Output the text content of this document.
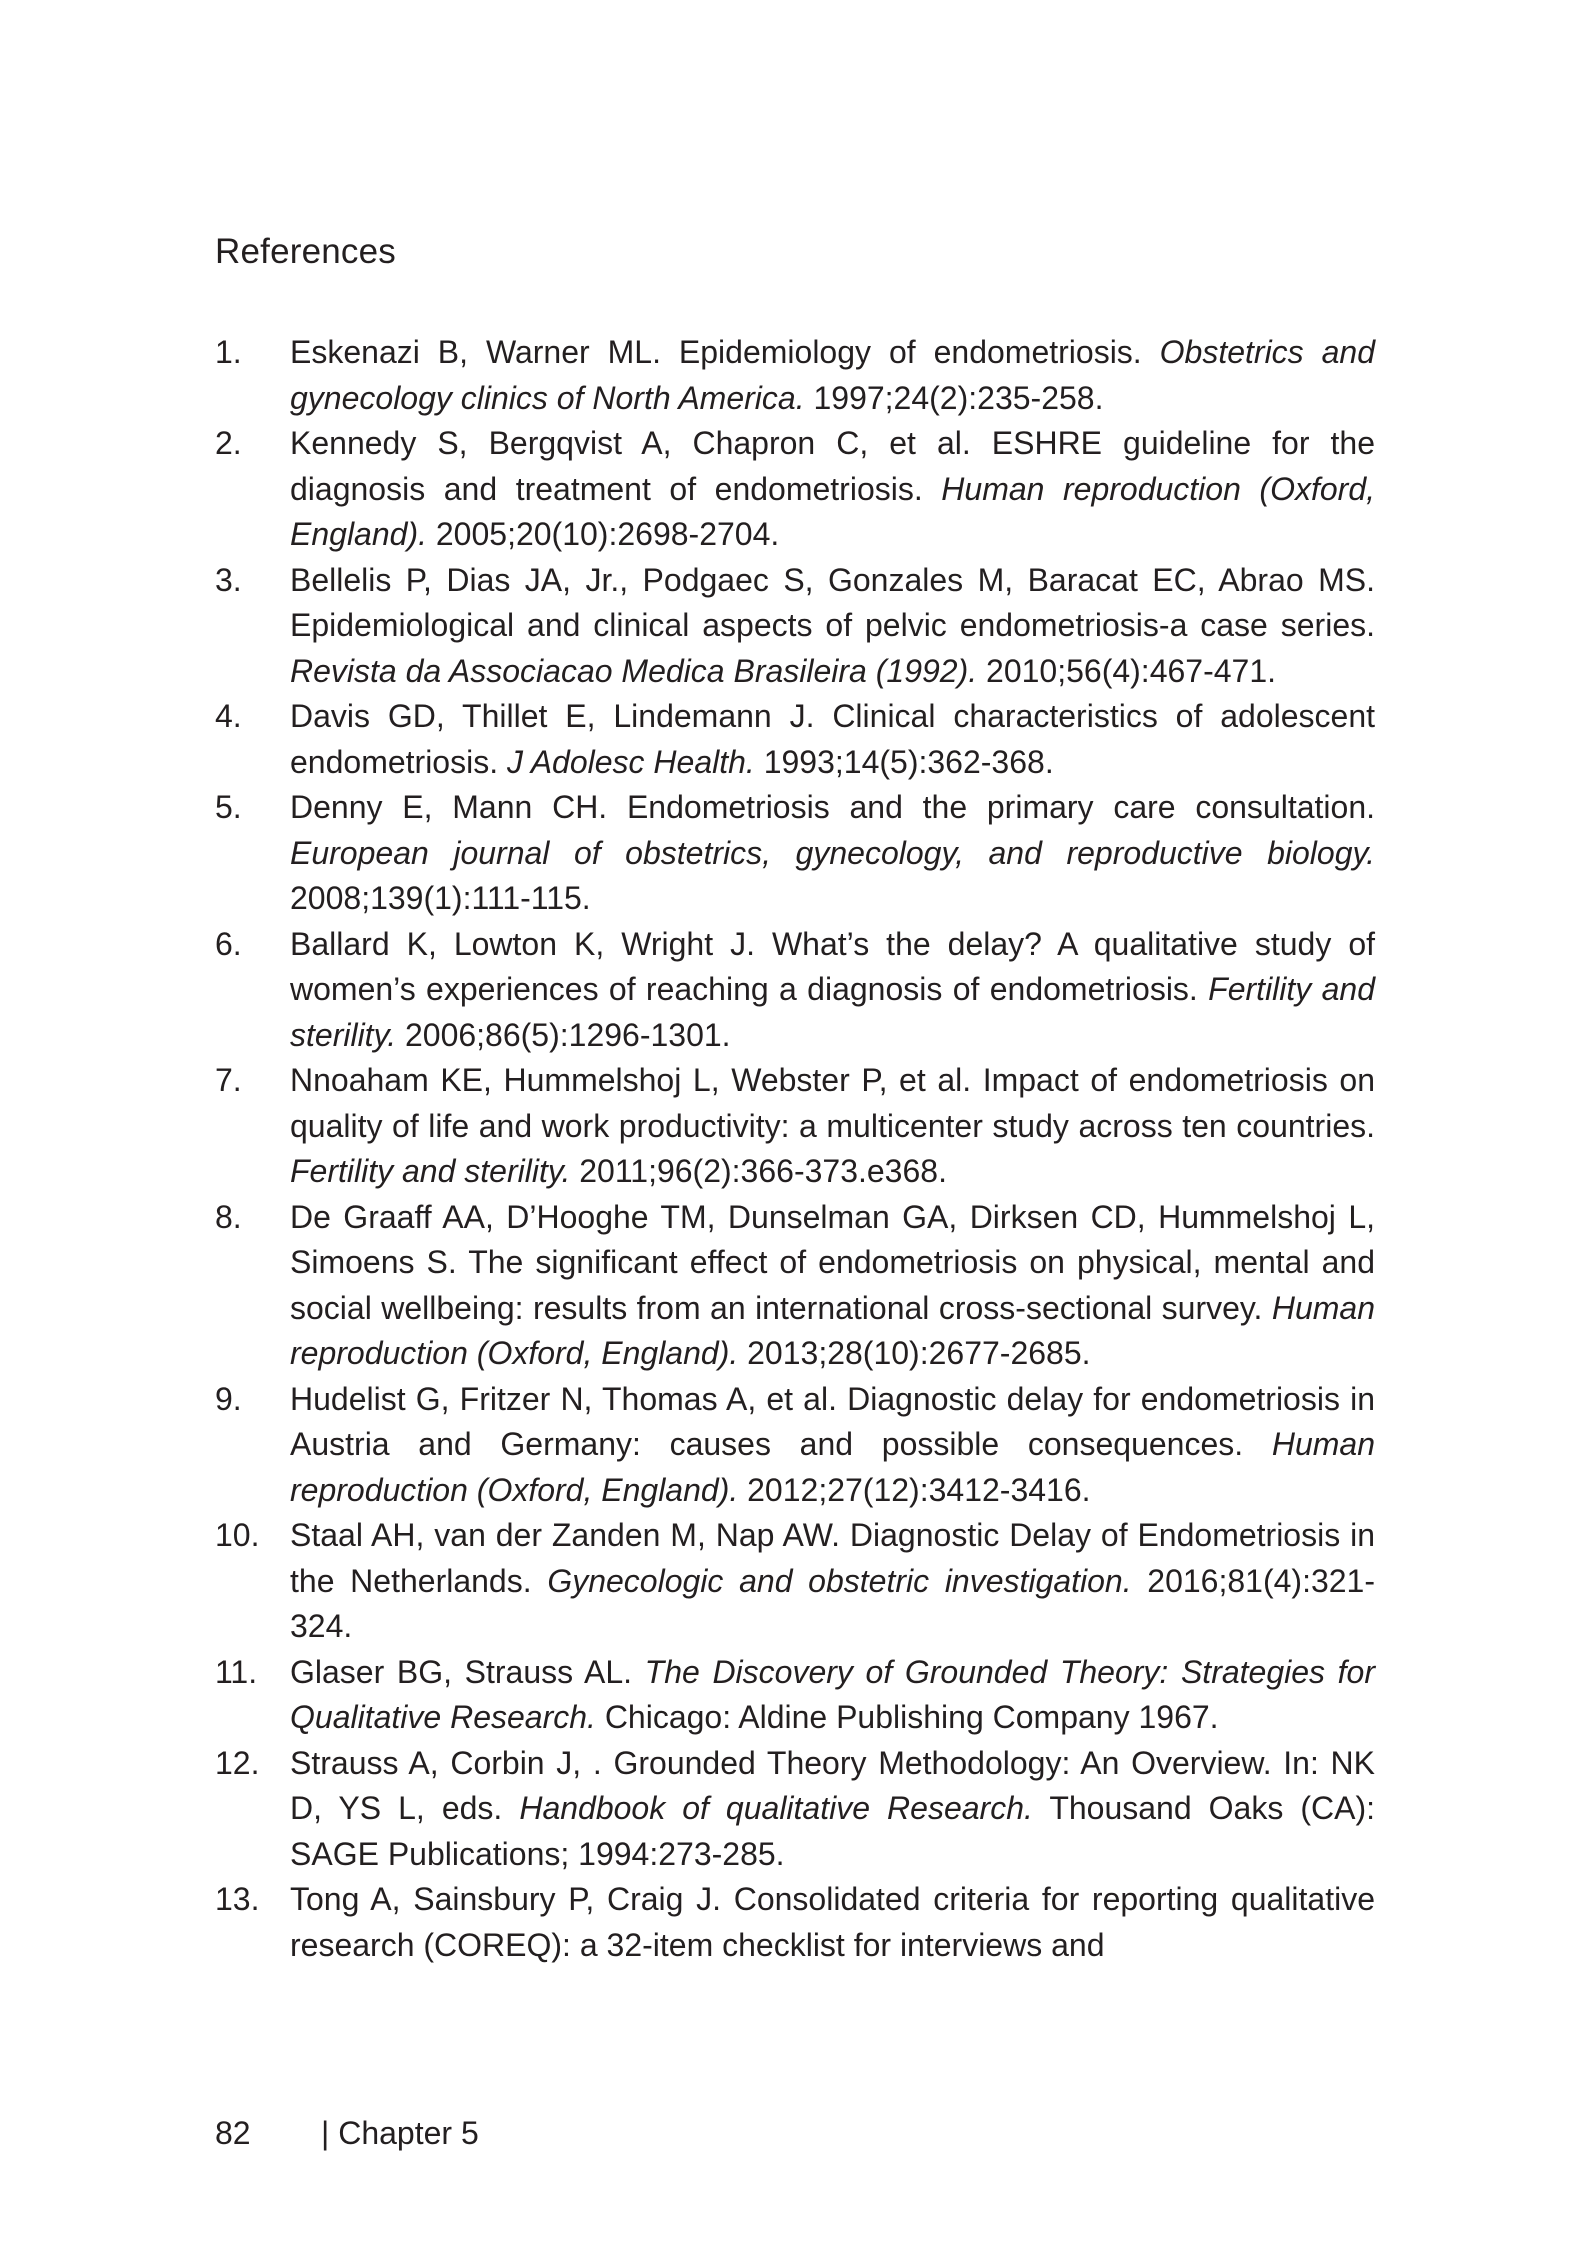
References
1. Eskenazi B, Warner ML. Epidemiology of endometriosis. Obstetrics and gynecology clinics of North America. 1997;24(2):235-258.
2. Kennedy S, Bergqvist A, Chapron C, et al. ESHRE guideline for the diagnosis and treatment of endometriosis. Human reproduction (Oxford, England). 2005;20(10):2698-2704.
3. Bellelis P, Dias JA, Jr., Podgaec S, Gonzales M, Baracat EC, Abrao MS. Epidemiological and clinical aspects of pelvic endometriosis-a case series. Revista da Associacao Medica Brasileira (1992). 2010;56(4):467-471.
4. Davis GD, Thillet E, Lindemann J. Clinical characteristics of adolescent endometriosis. J Adolesc Health. 1993;14(5):362-368.
5. Denny E, Mann CH. Endometriosis and the primary care consultation. European journal of obstetrics, gynecology, and reproductive biology. 2008;139(1):111-115.
6. Ballard K, Lowton K, Wright J. What’s the delay? A qualitative study of women’s experiences of reaching a diagnosis of endometriosis. Fertility and sterility. 2006;86(5):1296-1301.
7. Nnoaham KE, Hummelshoj L, Webster P, et al. Impact of endometriosis on quality of life and work productivity: a multicenter study across ten countries. Fertility and sterility. 2011;96(2):366-373.e368.
8. De Graaff AA, D’Hooghe TM, Dunselman GA, Dirksen CD, Hummelshoj L, Simoens S. The significant effect of endometriosis on physical, mental and social wellbeing: results from an international cross-sectional survey. Human reproduction (Oxford, England). 2013;28(10):2677-2685.
9. Hudelist G, Fritzer N, Thomas A, et al. Diagnostic delay for endometriosis in Austria and Germany: causes and possible consequences. Human reproduction (Oxford, England). 2012;27(12):3412-3416.
10. Staal AH, van der Zanden M, Nap AW. Diagnostic Delay of Endometriosis in the Netherlands. Gynecologic and obstetric investigation. 2016;81(4):321-324.
11. Glaser BG, Strauss AL. The Discovery of Grounded Theory: Strategies for Qualitative Research. Chicago: Aldine Publishing Company 1967.
12. Strauss A, Corbin J, . Grounded Theory Methodology: An Overview. In: NK D, YS L, eds. Handbook of qualitative Research. Thousand Oaks (CA): SAGE Publications; 1994:273-285.
13. Tong A, Sainsbury P, Craig J. Consolidated criteria for reporting qualitative research (COREQ): a 32-item checklist for interviews and
82 | Chapter 5
